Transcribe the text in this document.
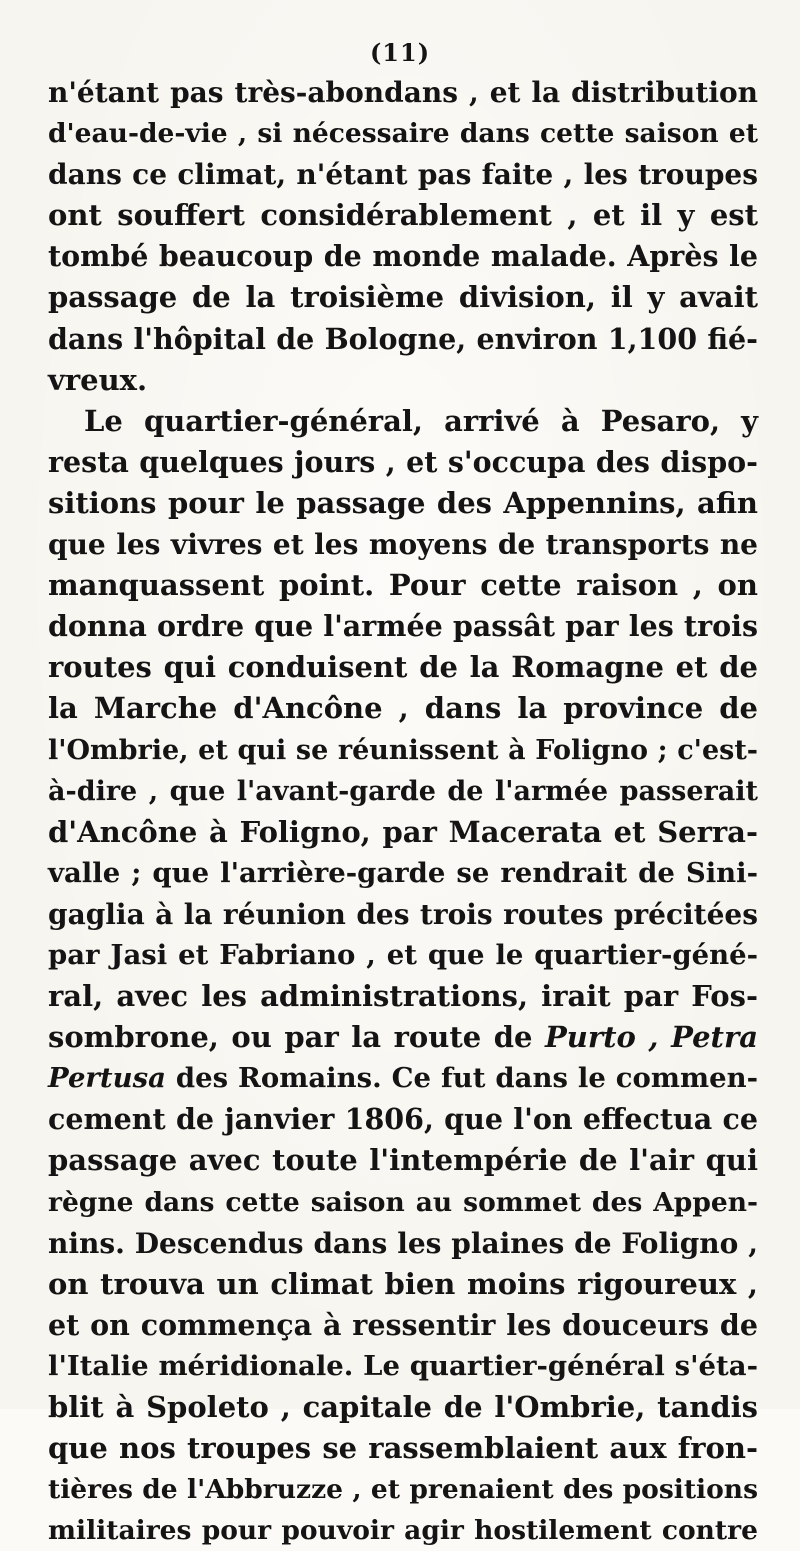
(11)
n'étant pas très-abondans , et la distribution
d'eau-de-vie , si nécessaire dans cette saison et
dans ce climat, n'étant pas faite , les troupes
ont souffert considérablement , et il y est
tombé beaucoup de monde malade. Après le
passage de la troisième division, il y avait
dans l'hôpital de Bologne, environ 1,100 fié-
vreux.
Le quartier-général, arrivé à Pesaro, y
resta quelques jours , et s'occupa des dispo-
sitions pour le passage des Appennins, afin
que les vivres et les moyens de transports ne
manquassent point. Pour cette raison , on
donna ordre que l'armée passât par les trois
routes qui conduisent de la Romagne et de
la Marche d'Ancône , dans la province de
l'Ombrie, et qui se réunissent à Foligno ; c'est-
à-dire , que l'avant-garde de l'armée passerait
d'Ancône à Foligno, par Macerata et Serra-
valle ; que l'arrière-garde se rendrait de Sini-
gaglia à la réunion des trois routes précitées
par Jasi et Fabriano , et que le quartier-géné-
ral, avec les administrations, irait par Fos-
sombrone, ou par la route de Purto , Petra
Pertusa des Romains. Ce fut dans le commen-
cement de janvier 1806, que l'on effectua ce
passage avec toute l'intempérie de l'air qui
règne dans cette saison au sommet des Appen-
nins. Descendus dans les plaines de Foligno ,
on trouva un climat bien moins rigoureux ,
et on commença à ressentir les douceurs de
l'Italie méridionale. Le quartier-général s'éta-
blit à Spoleto , capitale de l'Ombrie, tandis
que nos troupes se rassemblaient aux fron-
tières de l'Abbruzze , et prenaient des positions
militaires pour pouvoir agir hostilement contre
